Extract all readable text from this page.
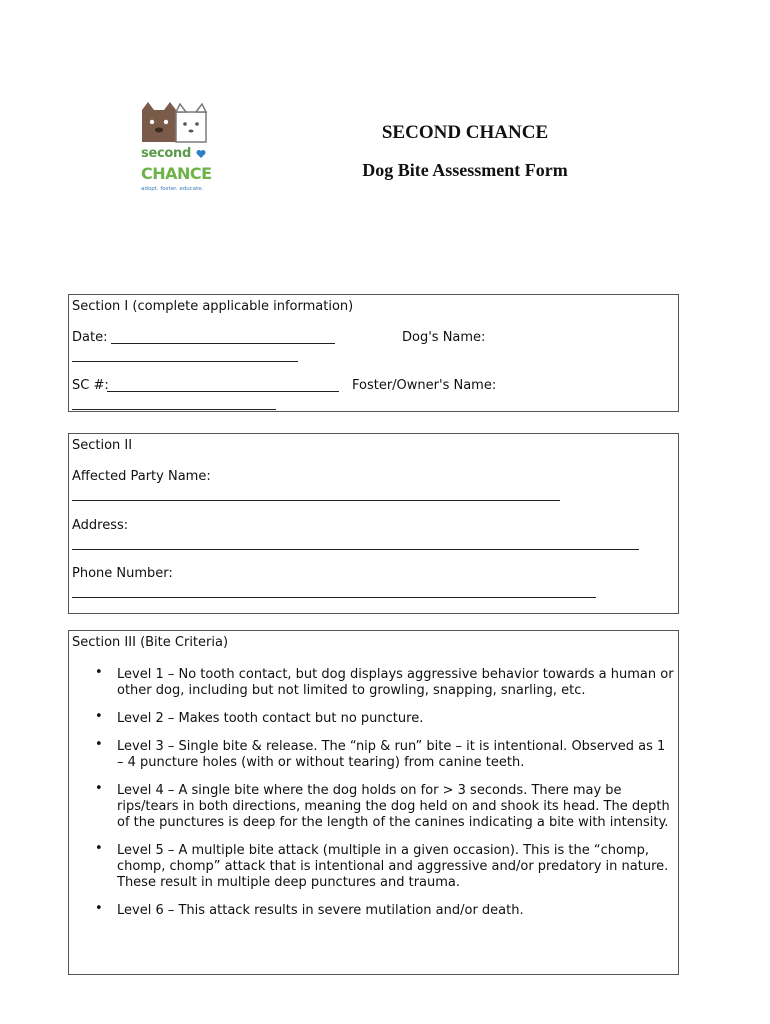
second
CHANCE
adopt. foster. educate.
SECOND CHANCE
Dog Bite Assessment Form
Section I (complete applicable information)
Date:	Dog's Name:
SC #:	Foster/Owner's Name:
Section II
Affected Party Name:
Address:
Phone Number:
Section III (Bite Criteria)
• Level 1 – No tooth contact, but dog displays aggressive behavior towards a human or other dog, including but not limited to growling, snapping, snarling, etc.
• Level 2 – Makes tooth contact but no puncture.
• Level 3 – Single bite & release. The “nip & run” bite – it is intentional. Observed as 1 – 4 puncture holes (with or without tearing) from canine teeth.
• Level 4 – A single bite where the dog holds on for > 3 seconds. There may be rips/tears in both directions, meaning the dog held on and shook its head. The depth of the punctures is deep for the length of the canines indicating a bite with intensity.
• Level 5 – A multiple bite attack (multiple in a given occasion). This is the “chomp, chomp, chomp” attack that is intentional and aggressive and/or predatory in nature. These result in multiple deep punctures and trauma.
• Level 6 – This attack results in severe mutilation and/or death.
